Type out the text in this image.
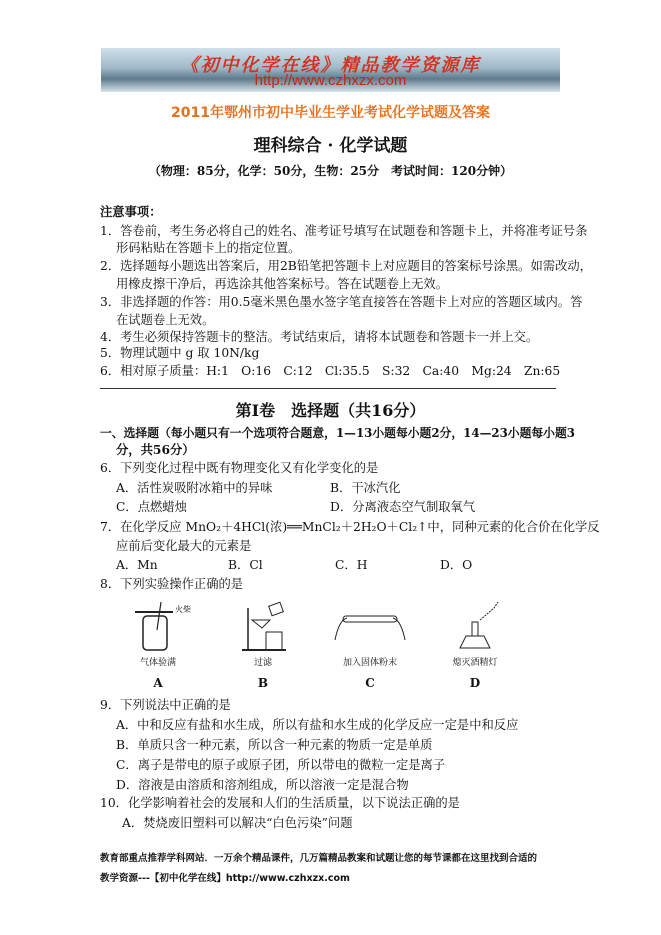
《初中化学在线》精品教学资源库
http://www.czhxzx.com
2011年鄂州市初中毕业生学业考试化学试题及答案
理科综合 · 化学试题
（物理：85分，化学：50分，生物：25分　考试时间：120分钟）
注意事项：
1．答卷前，考生务必将自己的姓名、准考证号填写在试题卷和答题卡上，并将准考证号条
形码粘贴在答题卡上的指定位置。
2．选择题每小题选出答案后，用2B铅笔把答题卡上对应题目的答案标号涂黑。如需改动，
用橡皮擦干净后，再选涂其他答案标号。答在试题卷上无效。
3．非选择题的作答：用0.5毫米黑色墨水签字笔直接答在答题卡上对应的答题区域内。答
在试题卷上无效。
4．考生必须保持答题卡的整洁。考试结束后，请将本试题卷和答题卡一并上交。
5．物理试题中 g 取 10N/kg
6．相对原子质量：H:1　O:16　C:12　Cl:35.5　S:32　Ca:40　Mg:24　Zn:65
第Ⅰ卷　选择题（共16分）
一、选择题（每小题只有一个选项符合题意，1—13小题每小题2分，14—23小题每小题3
分，共56分）
6．下列变化过程中既有物理变化又有化学变化的是
A．活性炭吸附冰箱中的异味	B．干冰汽化
C．点燃蜡烛	D．分离液态空气制取氧气
7．在化学反应 MnO₂＋4HCl(浓)══MnCl₂＋2H₂O＋Cl₂↑中，同种元素的化合价在化学反
应前后变化最大的元素是
A．Mn	B．Cl	C．H	D．O
8．下列实验操作正确的是
火柴
气体验满
A
过滤
B
加入固体粉末
C
熄灭酒精灯
D
9．下列说法中正确的是
A．中和反应有盐和水生成，所以有盐和水生成的化学反应一定是中和反应
B．单质只含一种元素，所以含一种元素的物质一定是单质
C．离子是带电的原子或原子团，所以带电的微粒一定是离子
D．溶液是由溶质和溶剂组成，所以溶液一定是混合物
10．化学影响着社会的发展和人们的生活质量，以下说法正确的是
A．焚烧废旧塑料可以解决“白色污染”问题
教育部重点推荐学科网站．一万余个精品课件，几万篇精品教案和试题让您的每节课都在这里找到合适的
教学资源---【初中化学在线】http://www.czhxzx.com
